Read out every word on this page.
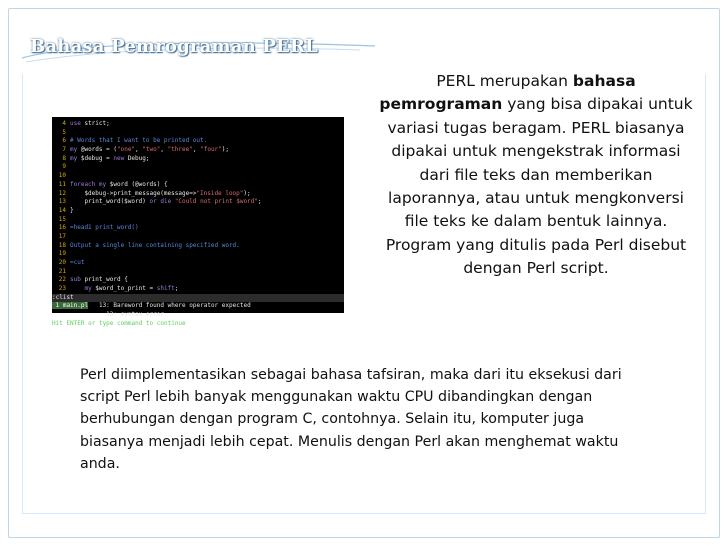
Bahasa Pemrograman PERL
4 use strict;
5
6 # Words that I want to be printed out.
7 my @words = ("one", "two", "three", "four");
8 my $debug = new Debug;
9
10
11 foreach my $word (@words) {
12    $debug->print_message(message=>"Inside loop");
13    print_word($word) or die "Could not print $word";
14 }
15
16 =head1 print_word()
17
18 Output a single line containing specified word.
19
20 =cut
21
22 sub print_word {
23	my $word_to_print = shift;
:clist
1 main.pl   13: Bareword found where operator expected
13: syntax error
Hit ENTER or type command to continue
PERL merupakan bahasa pemrograman yang bisa dipakai untuk variasi tugas beragam. PERL biasanya dipakai untuk mengekstrak informasi dari file teks dan memberikan laporannya, atau untuk mengkonversi file teks ke dalam bentuk lainnya. Program yang ditulis pada Perl disebut dengan Perl script.
Perl diimplementasikan sebagai bahasa tafsiran, maka dari itu eksekusi dari script Perl lebih banyak menggunakan waktu CPU dibandingkan dengan berhubungan dengan program C, contohnya. Selain itu, komputer juga biasanya menjadi lebih cepat. Menulis dengan Perl akan menghemat waktu anda.
